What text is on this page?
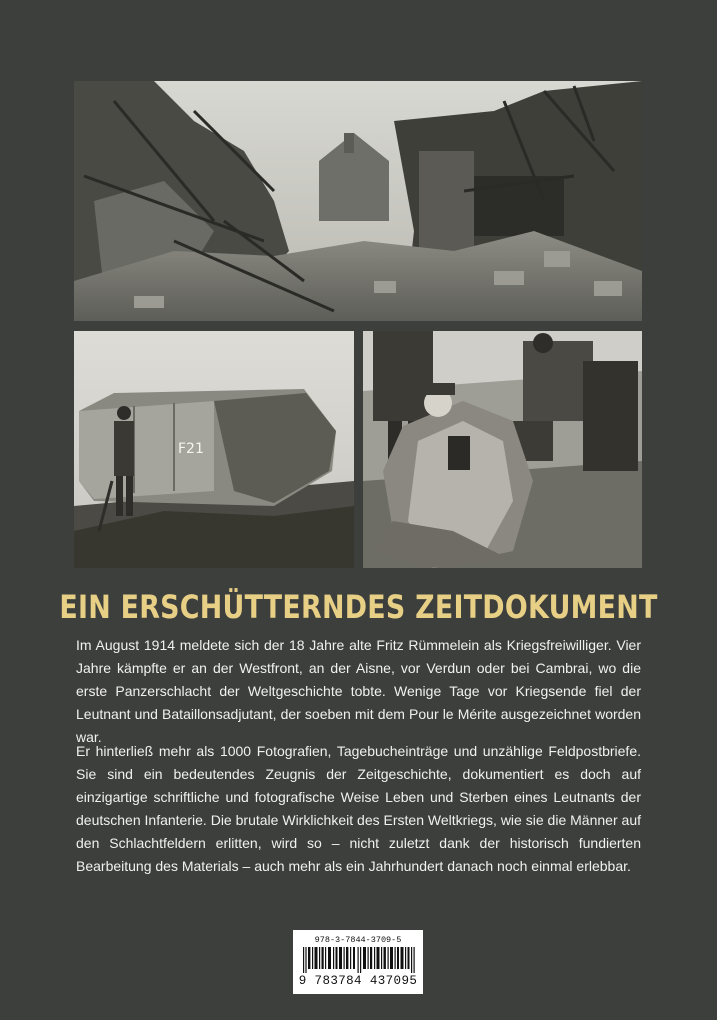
F21
EIN ERSCHÜTTERNDES ZEITDOKUMENT

Im August 1914 meldete sich der 18 Jahre alte Fritz Rümmelein als Kriegsfreiwilliger. Vier Jahre kämpfte er an der Westfront, an der Aisne, vor Verdun oder bei Cambrai, wo die erste Panzerschlacht der Weltgeschichte tobte. Wenige Tage vor Kriegsende fiel der Leutnant und Bataillonsadjutant, der soeben mit dem Pour le Mérite ausgezeichnet worden war.

Er hinterließ mehr als 1000 Fotografien, Tagebucheinträge und unzählige Feldpostbriefe. Sie sind ein bedeutendes Zeugnis der Zeitgeschichte, dokumentiert es doch auf einzigartige schriftliche und fotografische Weise Leben und Sterben eines Leutnants der deutschen Infanterie. Die brutale Wirklichkeit des Ersten Weltkriegs, wie sie die Männer auf den Schlachtfeldern erlitten, wird so – nicht zuletzt dank der historisch fundierten Bearbeitung des Materials – auch mehr als ein Jahrhundert danach noch einmal erlebbar.

978-3-7844-3709-5
9 783784 437095
